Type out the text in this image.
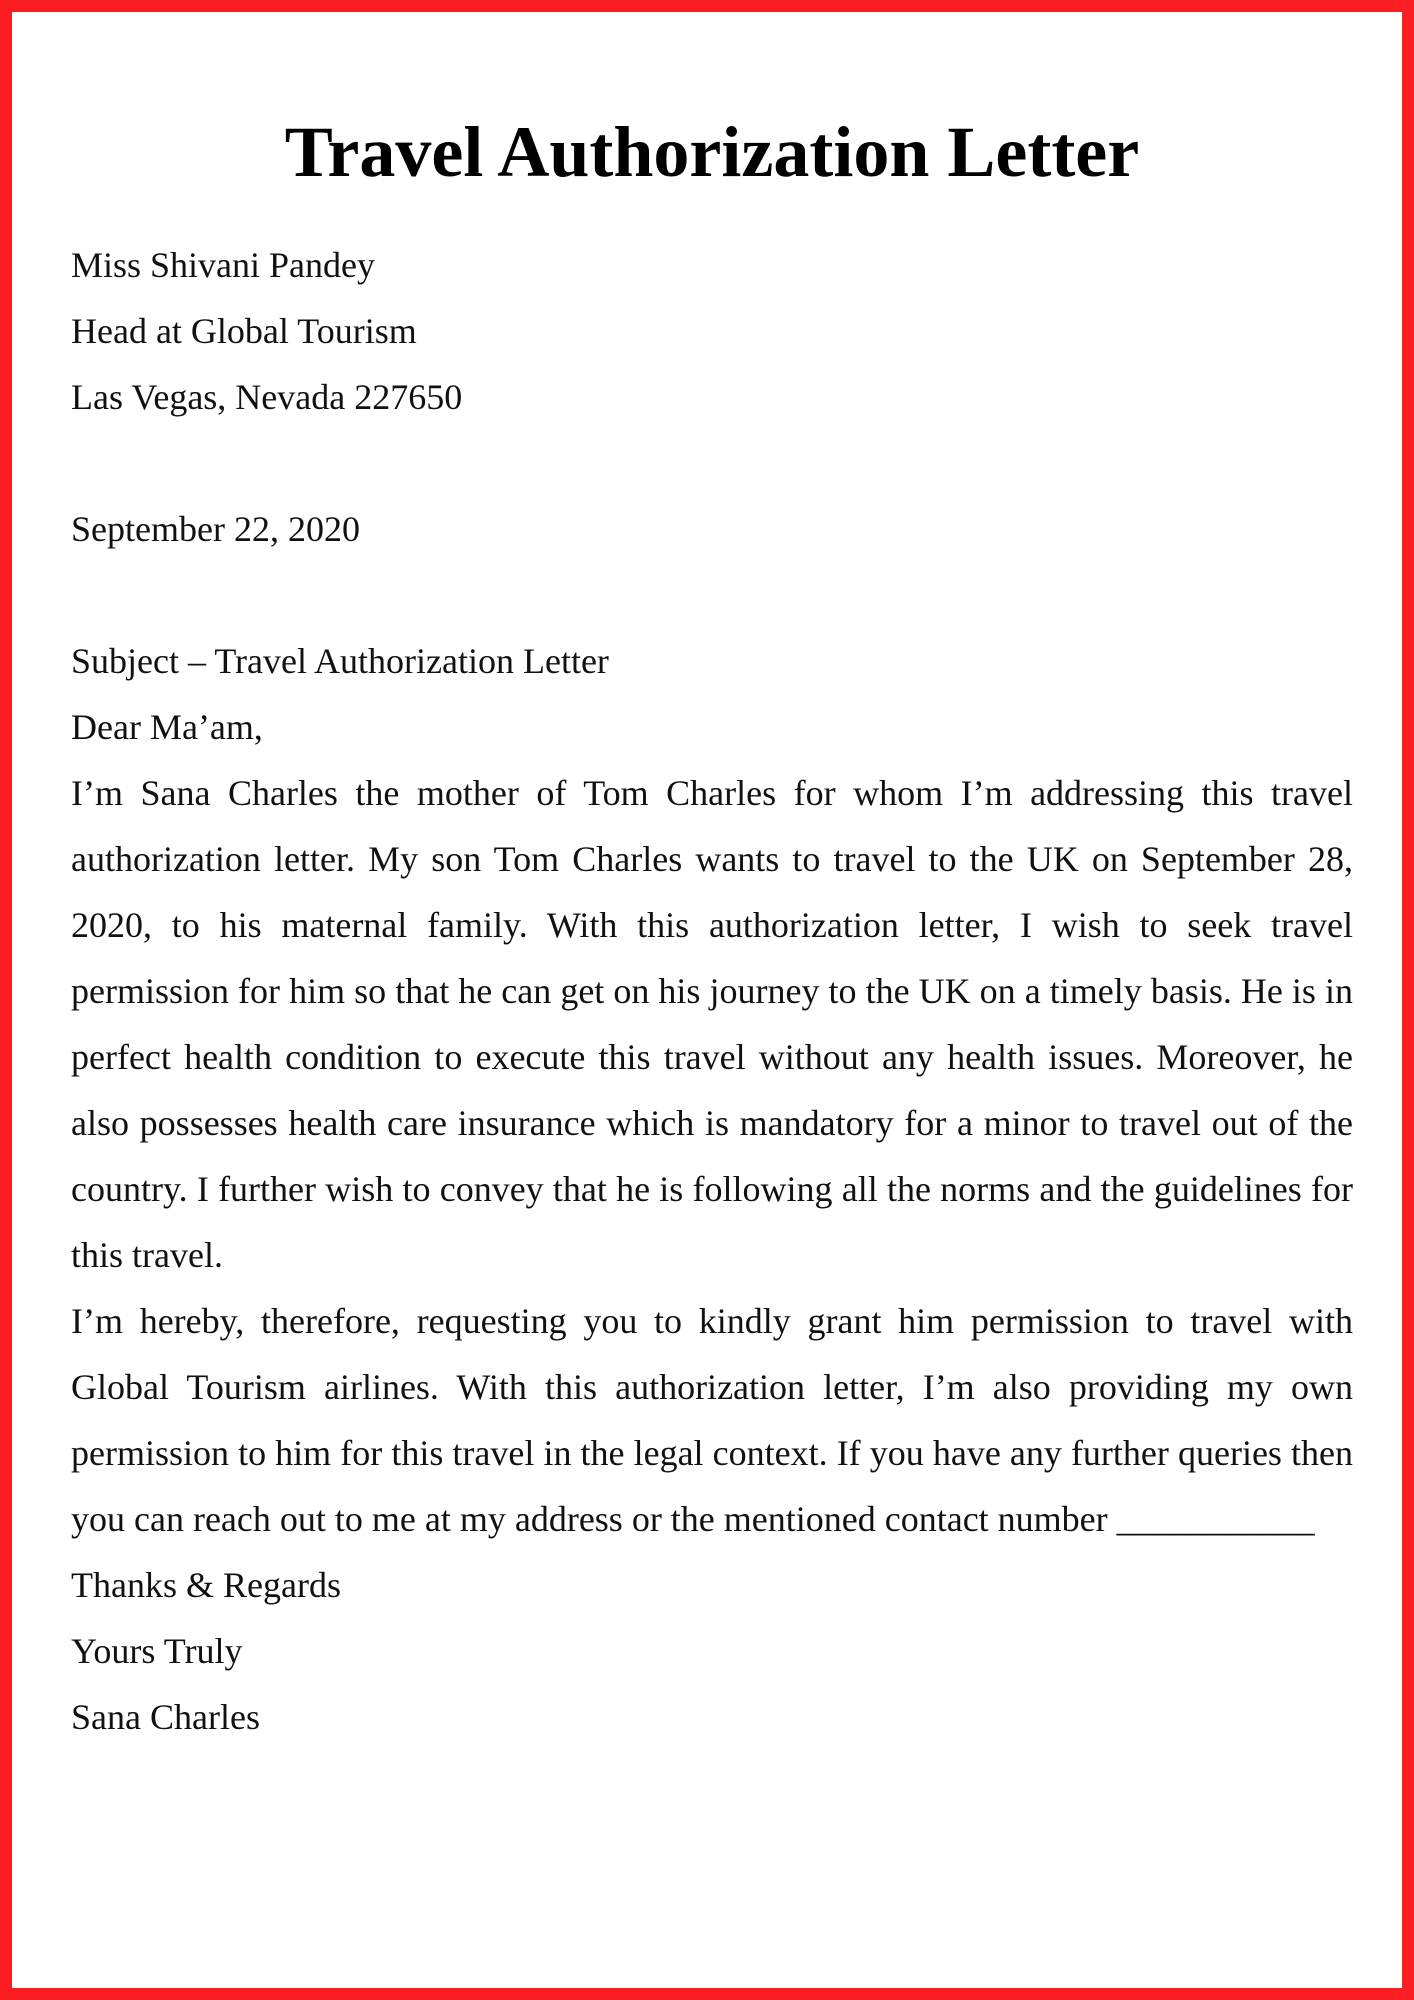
Travel Authorization Letter
Miss Shivani Pandey
Head at Global Tourism
Las Vegas, Nevada 227650
September 22, 2020
Subject – Travel Authorization Letter
Dear Ma’am,

I’m Sana Charles the mother of Tom Charles for whom I’m addressing this travel authorization letter. My son Tom Charles wants to travel to the UK on September 28, 2020, to his maternal family. With this authorization letter, I wish to seek travel permission for him so that he can get on his journey to the UK on a timely basis. He is in perfect health condition to execute this travel without any health issues. Moreover, he also possesses health care insurance which is mandatory for a minor to travel out of the country. I further wish to convey that he is following all the norms and the guidelines for this travel.

I’m hereby, therefore, requesting you to kindly grant him permission to travel with Global Tourism airlines. With this authorization letter, I’m also providing my own permission to him for this travel in the legal context. If you have any further queries then you can reach out to me at my address or the mentioned contact number ___________

Thanks & Regards
Yours Truly
Sana Charles
